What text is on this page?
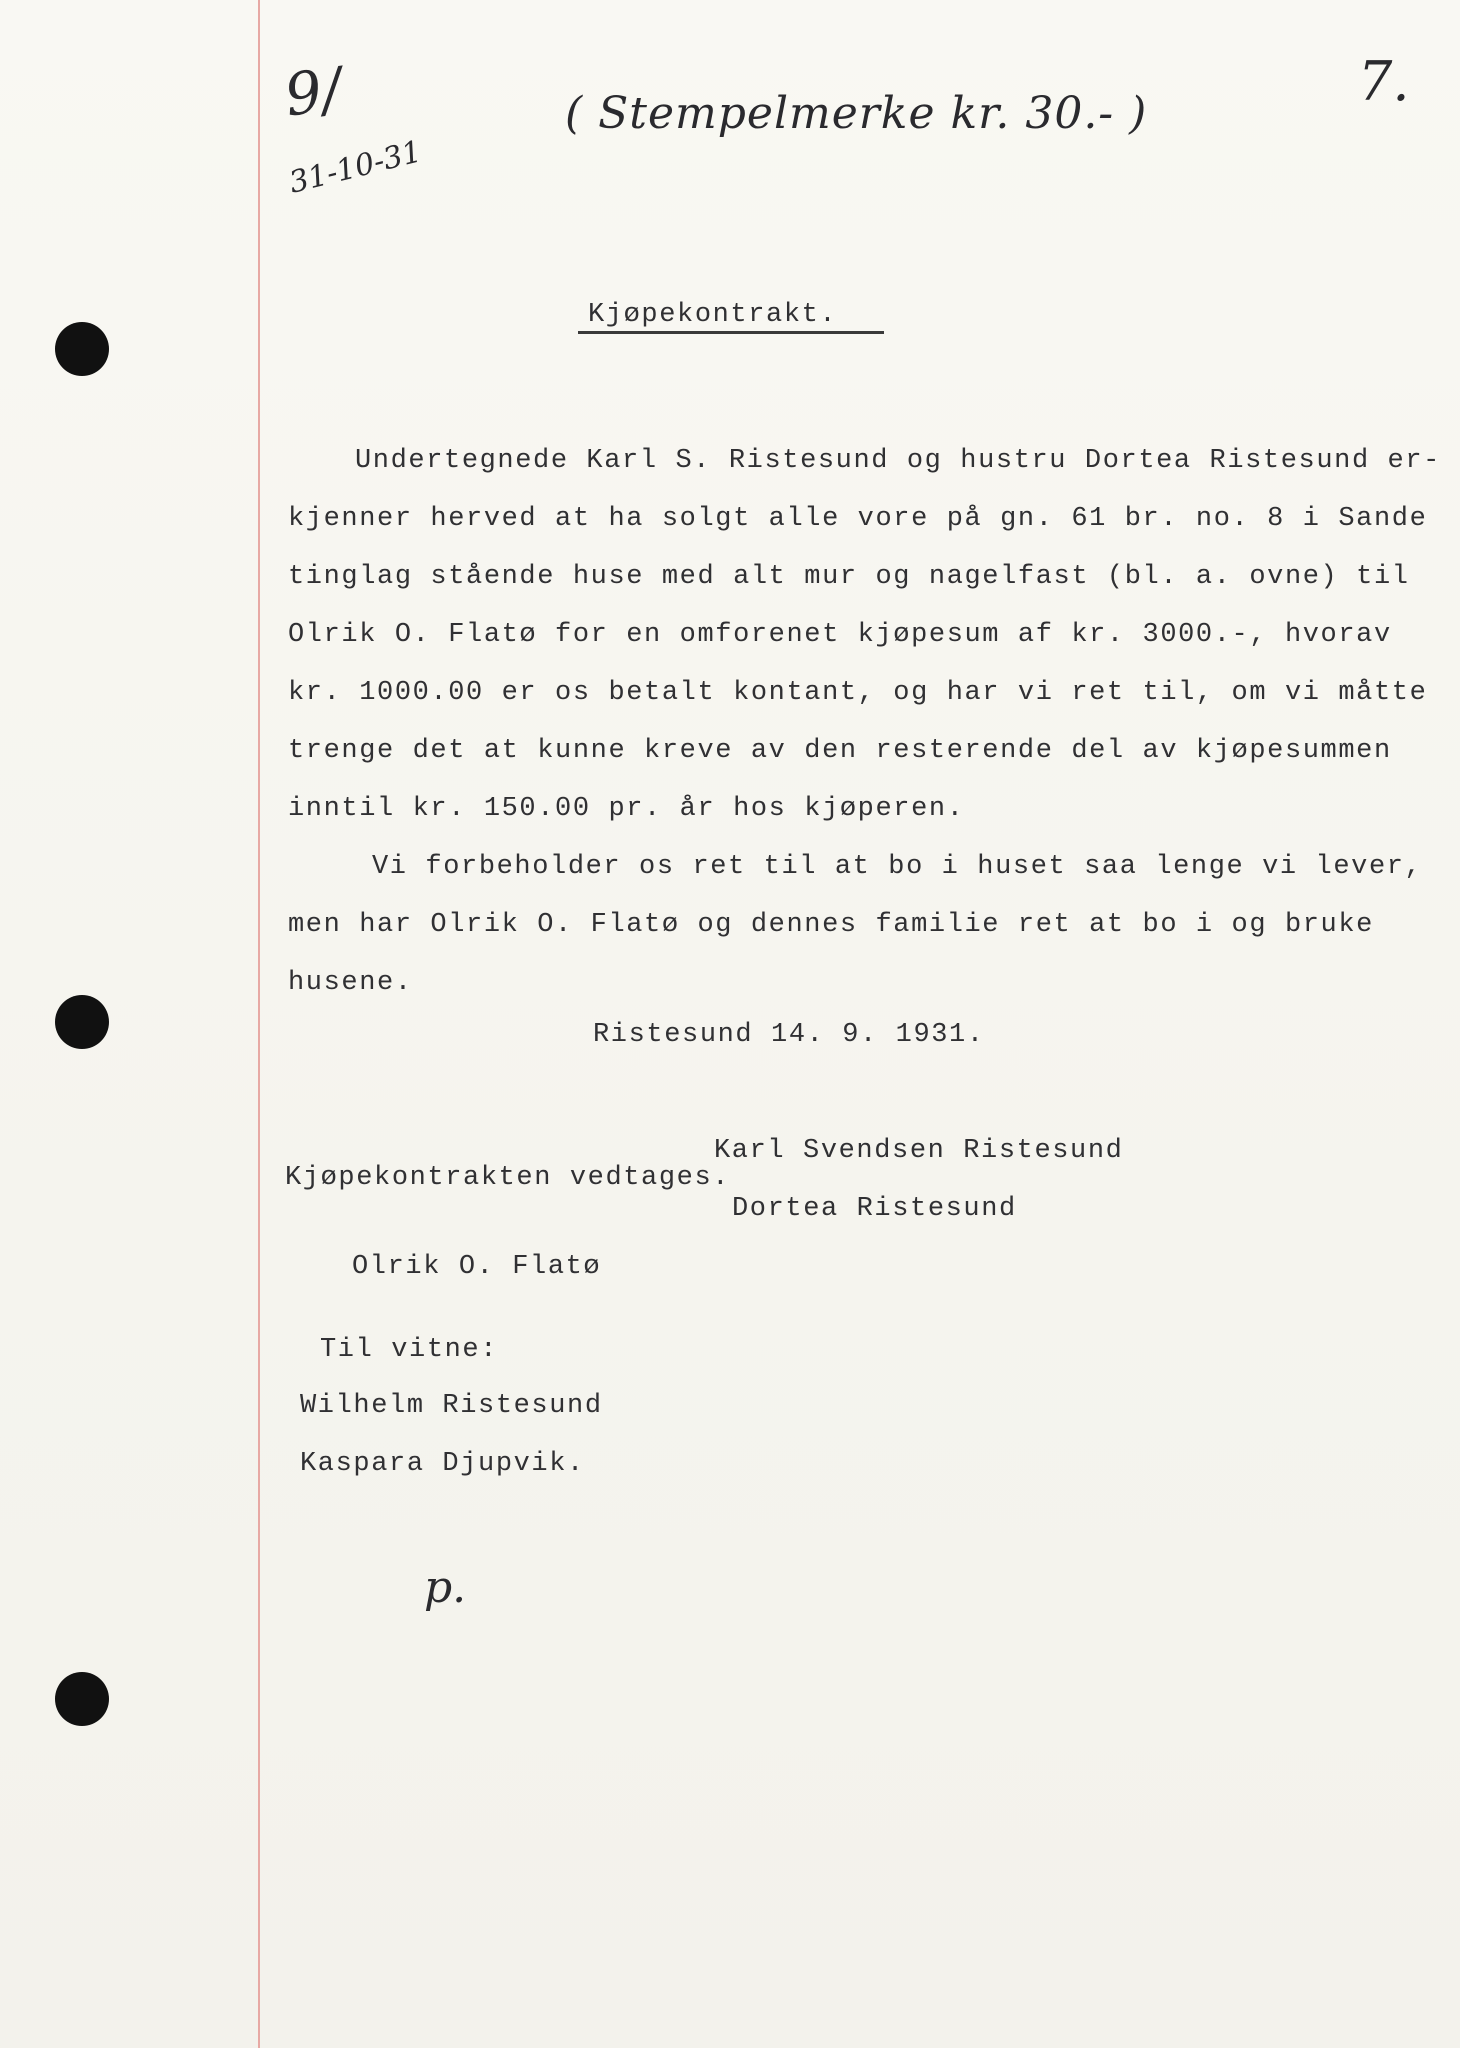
9/
31-10-31
( Stempelmerke kr. 30.- )
7.
Kjøpekontrakt.
Undertegnede Karl S. Ristesund og hustru Dortea Ristesund er-
kjenner herved at ha solgt alle vore på gn. 61 br. no. 8 i Sande
tinglag stående huse med alt mur og nagelfast (bl. a. ovne) til
Olrik O. Flatø for en omforenet kjøpesum af kr. 3000.-, hvorav
kr. 1000.00 er os betalt kontant, og har vi ret til, om vi måtte
trenge det at kunne kreve av den resterende del av kjøpesummen
inntil kr. 150.00 pr. år hos kjøperen.
Vi forbeholder os ret til at bo i huset saa lenge vi lever,
men har Olrik O. Flatø og dennes familie ret at bo i og bruke
husene.
Ristesund 14. 9. 1931.
Karl Svendsen Ristesund
Kjøpekontrakten vedtages.
Dortea Ristesund
Olrik O. Flatø
Til vitne:
Wilhelm Ristesund
Kaspara Djupvik.
p.
